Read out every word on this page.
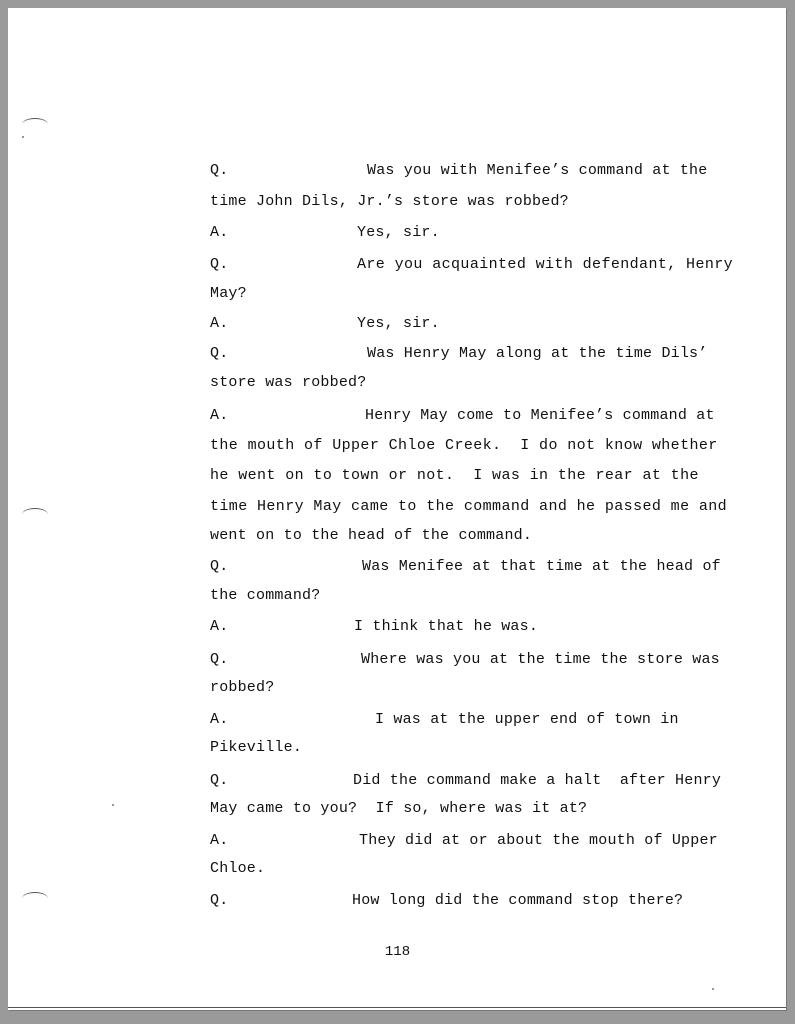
Q.	Was you with Menifee’s command at the
time John Dils, Jr.’s store was robbed?
A.	Yes, sir.
Q.	Are you acquainted with defendant, Henry
May?
A.	Yes, sir.
Q.	Was Henry May along at the time Dils’
store was robbed?
A.	Henry May come to Menifee’s command at
the mouth of Upper Chloe Creek.  I do not know whether
he went on to town or not.  I was in the rear at the
time Henry May came to the command and he passed me and
went on to the head of the command.
Q.	Was Menifee at that time at the head of
the command?
A.	I think that he was.
Q.	Where was you at the time the store was
robbed?
A.	I was at the upper end of town in
Pikeville.
Q.	Did the command make a halt  after Henry
May came to you?  If so, where was it at?
A.	They did at or about the mouth of Upper
Chloe.
Q.	How long did the command stop there?
118
